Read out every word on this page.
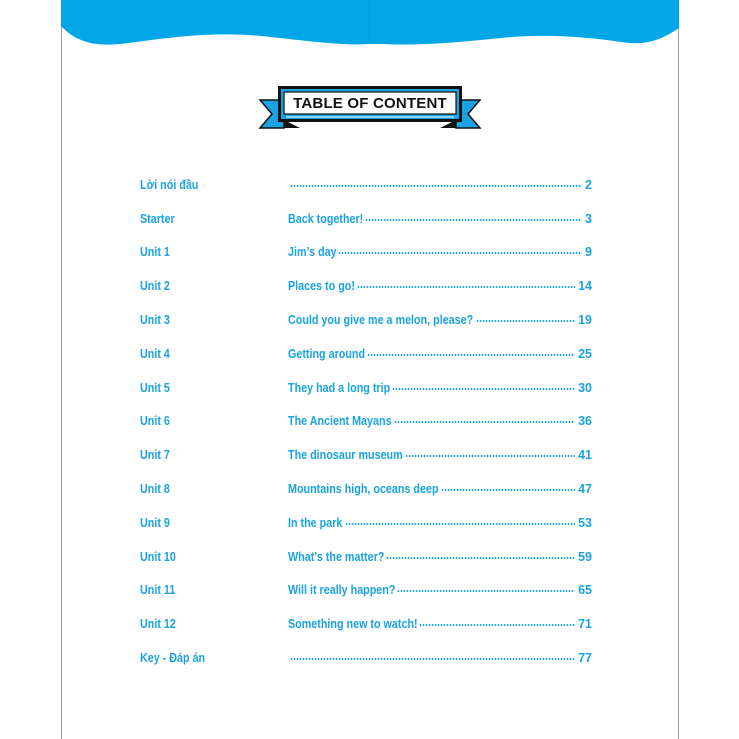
TABLE OF CONTENT
Lời nói đầu	2
Starter	Back together!	3
Unit 1	Jim’s day	9
Unit 2	Places to go!	14
Unit 3	Could you give me a melon, please?	19
Unit 4	Getting around	25
Unit 5	They had a long trip	30
Unit 6	The Ancient Mayans	36
Unit 7	The dinosaur museum	41
Unit 8	Mountains high, oceans deep	47
Unit 9	In the park	53
Unit 10	What’s the matter?	59
Unit 11	Will it really happen?	65
Unit 12	Something new to watch!	71
Key - Đáp án	77
